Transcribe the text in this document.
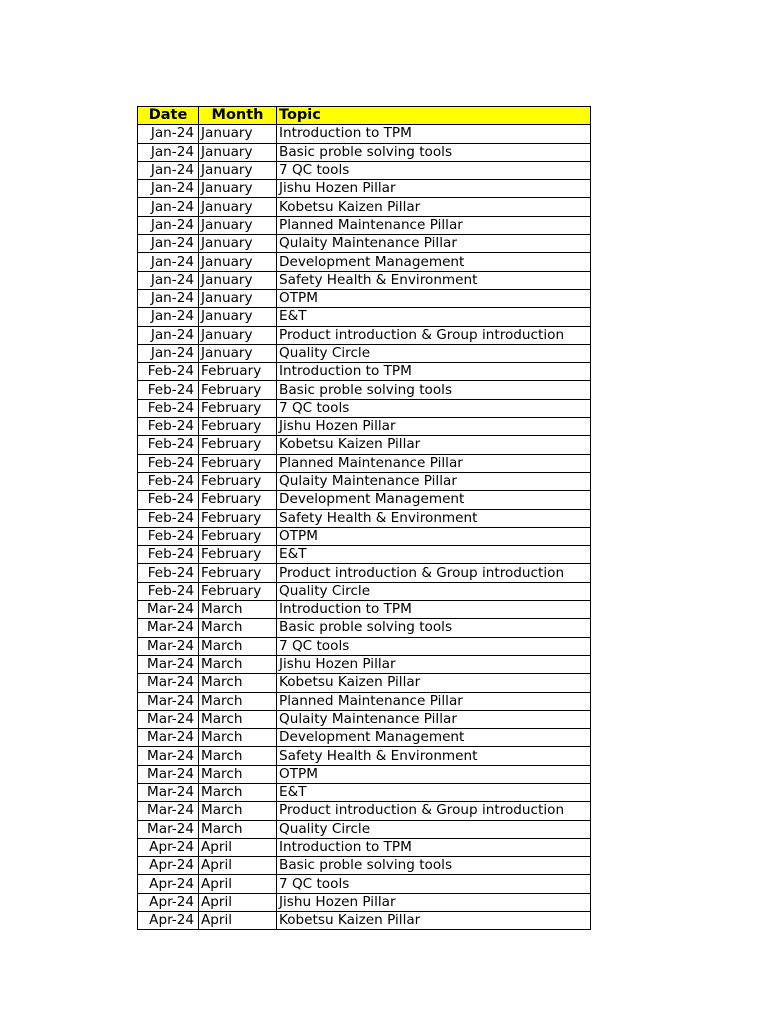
Date	Month	Topic
Jan-24	January	Introduction to TPM
Jan-24	January	Basic proble solving tools
Jan-24	January	7 QC tools
Jan-24	January	Jishu Hozen Pillar
Jan-24	January	Kobetsu Kaizen Pillar
Jan-24	January	Planned Maintenance Pillar
Jan-24	January	Qulaity Maintenance Pillar
Jan-24	January	Development Management
Jan-24	January	Safety Health & Environment
Jan-24	January	OTPM
Jan-24	January	E&T
Jan-24	January	Product introduction & Group introduction
Jan-24	January	Quality Circle
Feb-24	February	Introduction to TPM
Feb-24	February	Basic proble solving tools
Feb-24	February	7 QC tools
Feb-24	February	Jishu Hozen Pillar
Feb-24	February	Kobetsu Kaizen Pillar
Feb-24	February	Planned Maintenance Pillar
Feb-24	February	Qulaity Maintenance Pillar
Feb-24	February	Development Management
Feb-24	February	Safety Health & Environment
Feb-24	February	OTPM
Feb-24	February	E&T
Feb-24	February	Product introduction & Group introduction
Feb-24	February	Quality Circle
Mar-24	March	Introduction to TPM
Mar-24	March	Basic proble solving tools
Mar-24	March	7 QC tools
Mar-24	March	Jishu Hozen Pillar
Mar-24	March	Kobetsu Kaizen Pillar
Mar-24	March	Planned Maintenance Pillar
Mar-24	March	Qulaity Maintenance Pillar
Mar-24	March	Development Management
Mar-24	March	Safety Health & Environment
Mar-24	March	OTPM
Mar-24	March	E&T
Mar-24	March	Product introduction & Group introduction
Mar-24	March	Quality Circle
Apr-24	April	Introduction to TPM
Apr-24	April	Basic proble solving tools
Apr-24	April	7 QC tools
Apr-24	April	Jishu Hozen Pillar
Apr-24	April	Kobetsu Kaizen Pillar
